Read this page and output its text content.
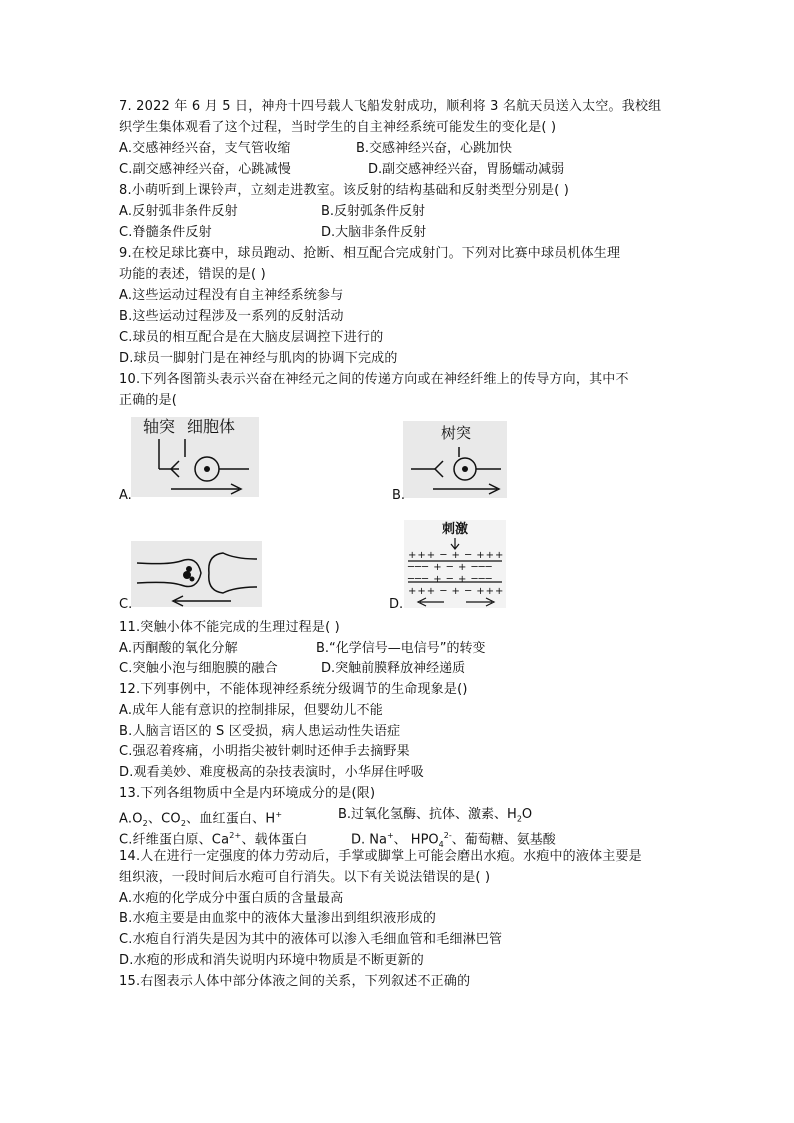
7. 2022 年 6 月 5 日，神舟十四号载人飞船发射成功，顺利将 3 名航天员送入太空。我校组
织学生集体观看了这个过程，当时学生的自主神经系统可能发生的变化是( )
A.交感神经兴奋，支气管收缩	B.交感神经兴奋，心跳加快
C.副交感神经兴奋，心跳减慢	D.副交感神经兴奋，胃肠蠕动减弱
8.小萌听到上课铃声，立刻走进教室。该反射的结构基础和反射类型分别是( )
A.反射弧非条件反射	B.反射弧条件反射
C.脊髓条件反射	D.大脑非条件反射
9.在校足球比赛中，球员跑动、抢断、相互配合完成射门。下列对比赛中球员机体生理
功能的表述，错误的是( )
A.这些运动过程没有自主神经系统参与
B.这些运动过程涉及一系列的反射活动
C.球员的相互配合是在大脑皮层调控下进行的
D.球员一脚射门是在神经与肌肉的协调下完成的
10.下列各图箭头表示兴奋在神经元之间的传递方向或在神经纤维上的传导方向，其中不
正确的是(
轴突 细胞体
A.
树突
B.
C.
刺激
+++ ─ + ─ +++
─── + ─ + ───
─── + ─ + ───
+++ ─ + ─ +++
D.
11.突触小体不能完成的生理过程是( )
A.丙酮酸的氧化分解	B.“化学信号—电信号”的转变
C.突触小泡与细胞膜的融合	D.突触前膜释放神经递质
12.下列事例中，不能体现神经系统分级调节的生命现象是()
A.成年人能有意识的控制排尿，但婴幼儿不能
B.人脑言语区的 S 区受损，病人患运动性失语症
C.强忍着疼痛，小明指尖被针刺时还伸手去摘野果
D.观看美妙、难度极高的杂技表演时，小华屏住呼吸
13.下列各组物质中全是内环境成分的是(限)
$A.O_2$、$CO_2$、血红蛋白、H+	B.过氧化氢酶、抗体、激素、$H_2O$
C.纤维蛋白原、$Ca^{2+}$、载体蛋白	D. Na+、 $HPO_4^{2-}$、葡萄糖、氨基酸
14.人在进行一定强度的体力劳动后，手掌或脚掌上可能会磨出水疱。水疱中的液体主要是
组织液，一段时间后水疱可自行消失。以下有关说法错误的是( )
A.水疱的化学成分中蛋白质的含量最高
B.水疱主要是由血浆中的液体大量渗出到组织液形成的
C.水疱自行消失是因为其中的液体可以渗入毛细血管和毛细淋巴管
D.水疱的形成和消失说明内环境中物质是不断更新的
15.右图表示人体中部分体液之间的关系，下列叙述不正确的
